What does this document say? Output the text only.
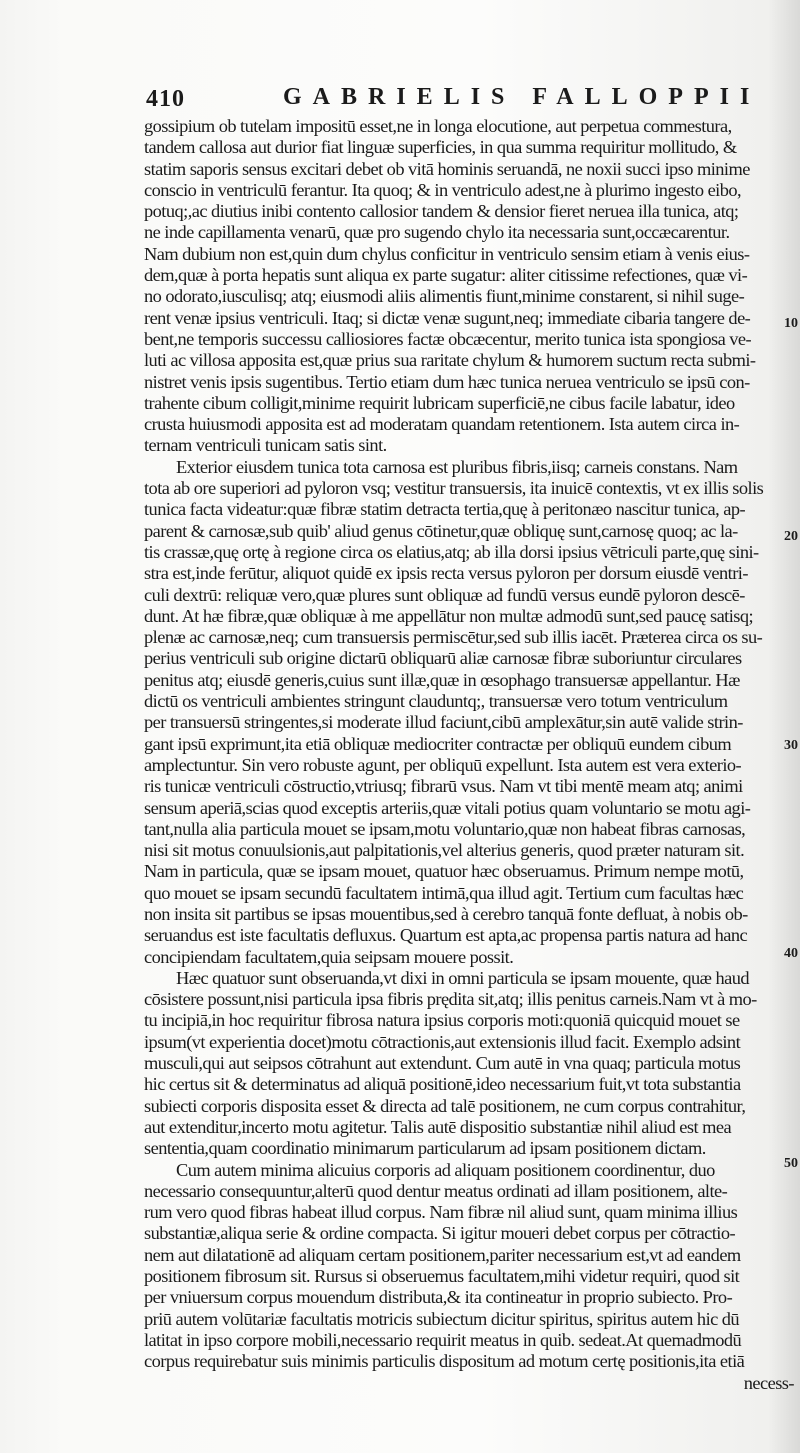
410	GABRIELIS FALLOPPII
10
20
30
40
50
gossipium ob tutelam impositū esset,ne in longa elocutione, aut perpetua commestura,
tandem callosa aut durior fiat linguæ superficies, in qua summa requiritur mollitudo, &
statim saporis sensus excitari debet ob vitā hominis seruandā, ne noxii succi ipso minime
conscio in ventriculū ferantur. Ita quoq; & in ventriculo adest,ne à plurimo ingesto eibo,
potuq;,ac diutius inibi contento callosior tandem & densior fieret neruea illa tunica, atq;
ne inde capillamenta venarū, quæ pro sugendo chylo ita necessaria sunt,occæcarentur.
Nam dubium non est,quin dum chylus conficitur in ventriculo sensim etiam à venis eius-
dem,quæ à porta hepatis sunt aliqua ex parte sugatur: aliter citissime refectiones, quæ vi-
no odorato,iusculisq; atq; eiusmodi aliis alimentis fiunt,minime constarent, si nihil suge-
rent venæ ipsius ventriculi. Itaq; si dictæ venæ sugunt,neq; immediate cibaria tangere de-
bent,ne temporis successu calliosiores factæ obcæcentur, merito tunica ista spongiosa ve-
luti ac villosa apposita est,quæ prius sua raritate chylum & humorem suctum recta submi-
nistret venis ipsis sugentibus. Tertio etiam dum hæc tunica neruea ventriculo se ipsū con-
trahente cibum colligit,minime requirit lubricam superficiē,ne cibus facile labatur, ideo
crusta huiusmodi apposita est ad moderatam quandam retentionem. Ista autem circa in-
ternam ventriculi tunicam satis sint.
Exterior eiusdem tunica tota carnosa est pluribus fibris,iisq; carneis constans. Nam
tota ab ore superiori ad pyloron vsq; vestitur transuersis, ita inuicē contextis, vt ex illis solis
tunica facta videatur:quæ fibræ statim detracta tertia,quę à peritonæo nascitur tunica, ap-
parent & carnosæ,sub quib' aliud genus cōtinetur,quæ obliquę sunt,carnosę quoq; ac la-
tis crassæ,quę ortę à regione circa os elatius,atq; ab illa dorsi ipsius vētriculi parte,quę sini-
stra est,inde ferūtur, aliquot quidē ex ipsis recta versus pyloron per dorsum eiusdē ventri-
culi dextrū: reliquæ vero,quæ plures sunt obliquæ ad fundū versus eundē pyloron descē-
dunt. At hæ fibræ,quæ obliquæ à me appellātur non multæ admodū sunt,sed paucę satisq;
plenæ ac carnosæ,neq; cum transuersis permiscētur,sed sub illis iacēt. Præterea circa os su-
perius ventriculi sub origine dictarū obliquarū aliæ carnosæ fibræ suboriuntur circulares
penitus atq; eiusdē generis,cuius sunt illæ,quæ in œsophago transuersæ appellantur. Hæ
dictū os ventriculi ambientes stringunt clauduntq;, transuersæ vero totum ventriculum
per transuersū stringentes,si moderate illud faciunt,cibū amplexātur,sin autē valide strin-
gant ipsū exprimunt,ita etiā obliquæ mediocriter contractæ per obliquū eundem cibum
amplectuntur. Sin vero robuste agunt, per obliquū expellunt. Ista autem est vera exterio-
ris tunicæ ventriculi cōstructio,vtriusq; fibrarū vsus. Nam vt tibi mentē meam atq; animi
sensum aperiā,scias quod exceptis arteriis,quæ vitali potius quam voluntario se motu agi-
tant,nulla alia particula mouet se ipsam,motu voluntario,quæ non habeat fibras carnosas,
nisi sit motus conuulsionis,aut palpitationis,vel alterius generis, quod præter naturam sit.
Nam in particula, quæ se ipsam mouet, quatuor hæc obseruamus. Primum nempe motū,
quo mouet se ipsam secundū facultatem intimā,qua illud agit. Tertium cum facultas hæc
non insita sit partibus se ipsas mouentibus,sed à cerebro tanquā fonte defluat, à nobis ob-
seruandus est iste facultatis defluxus. Quartum est apta,ac propensa partis natura ad hanc
concipiendam facultatem,quia seipsam mouere possit.
Hæc quatuor sunt obseruanda,vt dixi in omni particula se ipsam mouente, quæ haud
cōsistere possunt,nisi particula ipsa fibris prędita sit,atq; illis penitus carneis.Nam vt à mo-
tu incipiā,in hoc requiritur fibrosa natura ipsius corporis moti:quoniā quicquid mouet se
ipsum(vt experientia docet)motu cōtractionis,aut extensionis illud facit. Exemplo adsint
musculi,qui aut seipsos cōtrahunt aut extendunt. Cum autē in vna quaq; particula motus
hic certus sit & determinatus ad aliquā positionē,ideo necessarium fuit,vt tota substantia
subiecti corporis disposita esset & directa ad talē positionem, ne cum corpus contrahitur,
aut extenditur,incerto motu agitetur. Talis autē dispositio substantiæ nihil aliud est mea
sententia,quam coordinatio minimarum particularum ad ipsam positionem dictam.
Cum autem minima alicuius corporis ad aliquam positionem coordinentur, duo
necessario consequuntur,alterū quod dentur meatus ordinati ad illam positionem, alte-
rum vero quod fibras habeat illud corpus. Nam fibræ nil aliud sunt, quam minima illius
substantiæ,aliqua serie & ordine compacta. Si igitur moueri debet corpus per cōtractio-
nem aut dilatationē ad aliquam certam positionem,pariter necessarium est,vt ad eandem
positionem fibrosum sit. Rursus si obseruemus facultatem,mihi videtur requiri, quod sit
per vniuersum corpus mouendum distributa,& ita contineatur in proprio subiecto. Pro-
priū autem volūtariæ facultatis motricis subiectum dicitur spiritus, spiritus autem hic dū
latitat in ipso corpore mobili,necessario requirit meatus in quib. sedeat.At quemadmodū
corpus requirebatur suis minimis particulis dispositum ad motum certę positionis,ita etiā
necess-
